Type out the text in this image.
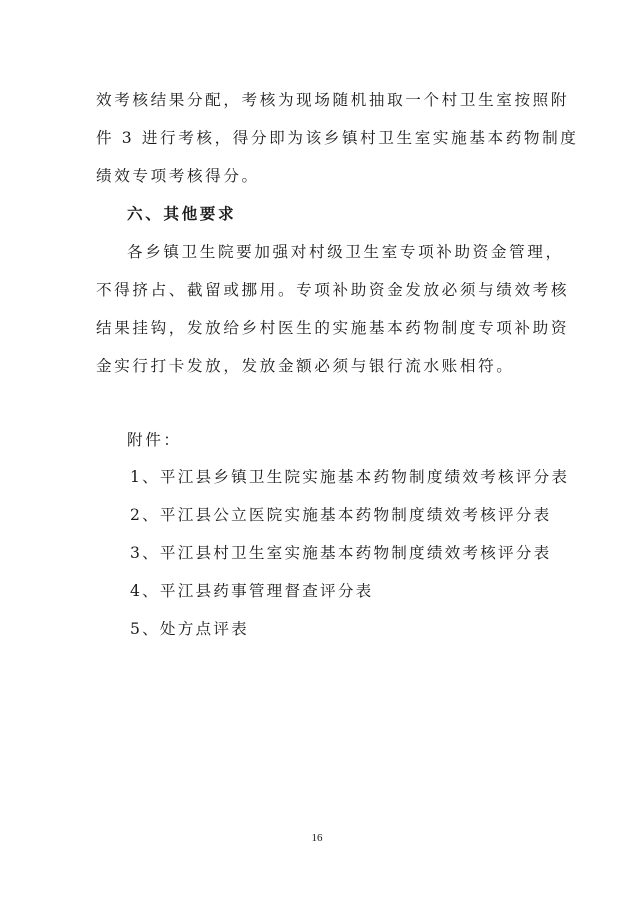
效考核结果分配，考核为现场随机抽取一个村卫生室按照附
件 3 进行考核，得分即为该乡镇村卫生室实施基本药物制度
绩效专项考核得分。
六、其他要求
各乡镇卫生院要加强对村级卫生室专项补助资金管理，
不得挤占、截留或挪用。专项补助资金发放必须与绩效考核
结果挂钩，发放给乡村医生的实施基本药物制度专项补助资
金实行打卡发放，发放金额必须与银行流水账相符。
附件：
1、平江县乡镇卫生院实施基本药物制度绩效考核评分表
2、平江县公立医院实施基本药物制度绩效考核评分表
3、平江县村卫生室实施基本药物制度绩效考核评分表
4、平江县药事管理督查评分表
5、处方点评表
16
